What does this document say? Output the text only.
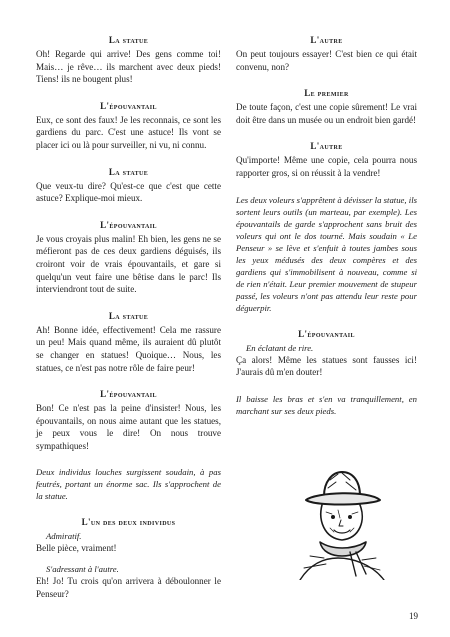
La statue

Oh! Regarde qui arrive! Des gens comme toi! Mais… je rêve… ils marchent avec deux pieds! Tiens! ils ne bougent plus!

L'épouvantail

Eux, ce sont des faux! Je les reconnais, ce sont les gardiens du parc. C'est une astuce! Ils vont se placer ici ou là pour surveiller, ni vu, ni connu.

La statue

Que veux-tu dire? Qu'est-ce que c'est que cette astuce? Explique-moi mieux.

L'épouvantail

Je vous croyais plus malin! Eh bien, les gens ne se méfieront pas de ces deux gardiens déguisés, ils croiront voir de vrais épouvantails, et gare si quelqu'un veut faire une bêtise dans le parc! Ils interviendront tout de suite.

La statue

Ah! Bonne idée, effectivement! Cela me rassure un peu! Mais quand même, ils auraient dû plutôt se changer en statues! Quoique… Nous, les statues, ce n'est pas notre rôle de faire peur!

L'épouvantail

Bon! Ce n'est pas la peine d'insister! Nous, les épouvantails, on nous aime autant que les statues, je peux vous le dire! On nous trouve sympathiques!

Deux individus louches surgissent soudain, à pas feutrés, portant un énorme sac. Ils s'approchent de la statue.

L'un des deux individus

Admiratif.

Belle pièce, vraiment!

S'adressant à l'autre.

Eh! Jo! Tu crois qu'on arrivera à déboulonner le Penseur?

L'autre

On peut toujours essayer! C'est bien ce qui était convenu, non?

Le premier

De toute façon, c'est une copie sûrement! Le vrai doit être dans un musée ou un endroit bien gardé!

L'autre

Qu'importe! Même une copie, cela pourra nous rapporter gros, si on réussit à la vendre!

Les deux voleurs s'apprêtent à dévisser la statue, ils sortent leurs outils (un marteau, par exemple). Les épouvantails de garde s'approchent sans bruit des voleurs qui ont le dos tourné. Mais soudain « Le Penseur » se lève et s'enfuit à toutes jambes sous les yeux médusés des deux compères et des gardiens qui s'immobilisent à nouveau, comme si de rien n'était. Leur premier mouvement de stupeur passé, les voleurs n'ont pas attendu leur reste pour déguerpir.

L'épouvantail

En éclatant de rire.

Ça alors! Même les statues sont fausses ici! J'aurais dû m'en douter!

Il baisse les bras et s'en va tranquillement, en marchant sur ses deux pieds.

19
